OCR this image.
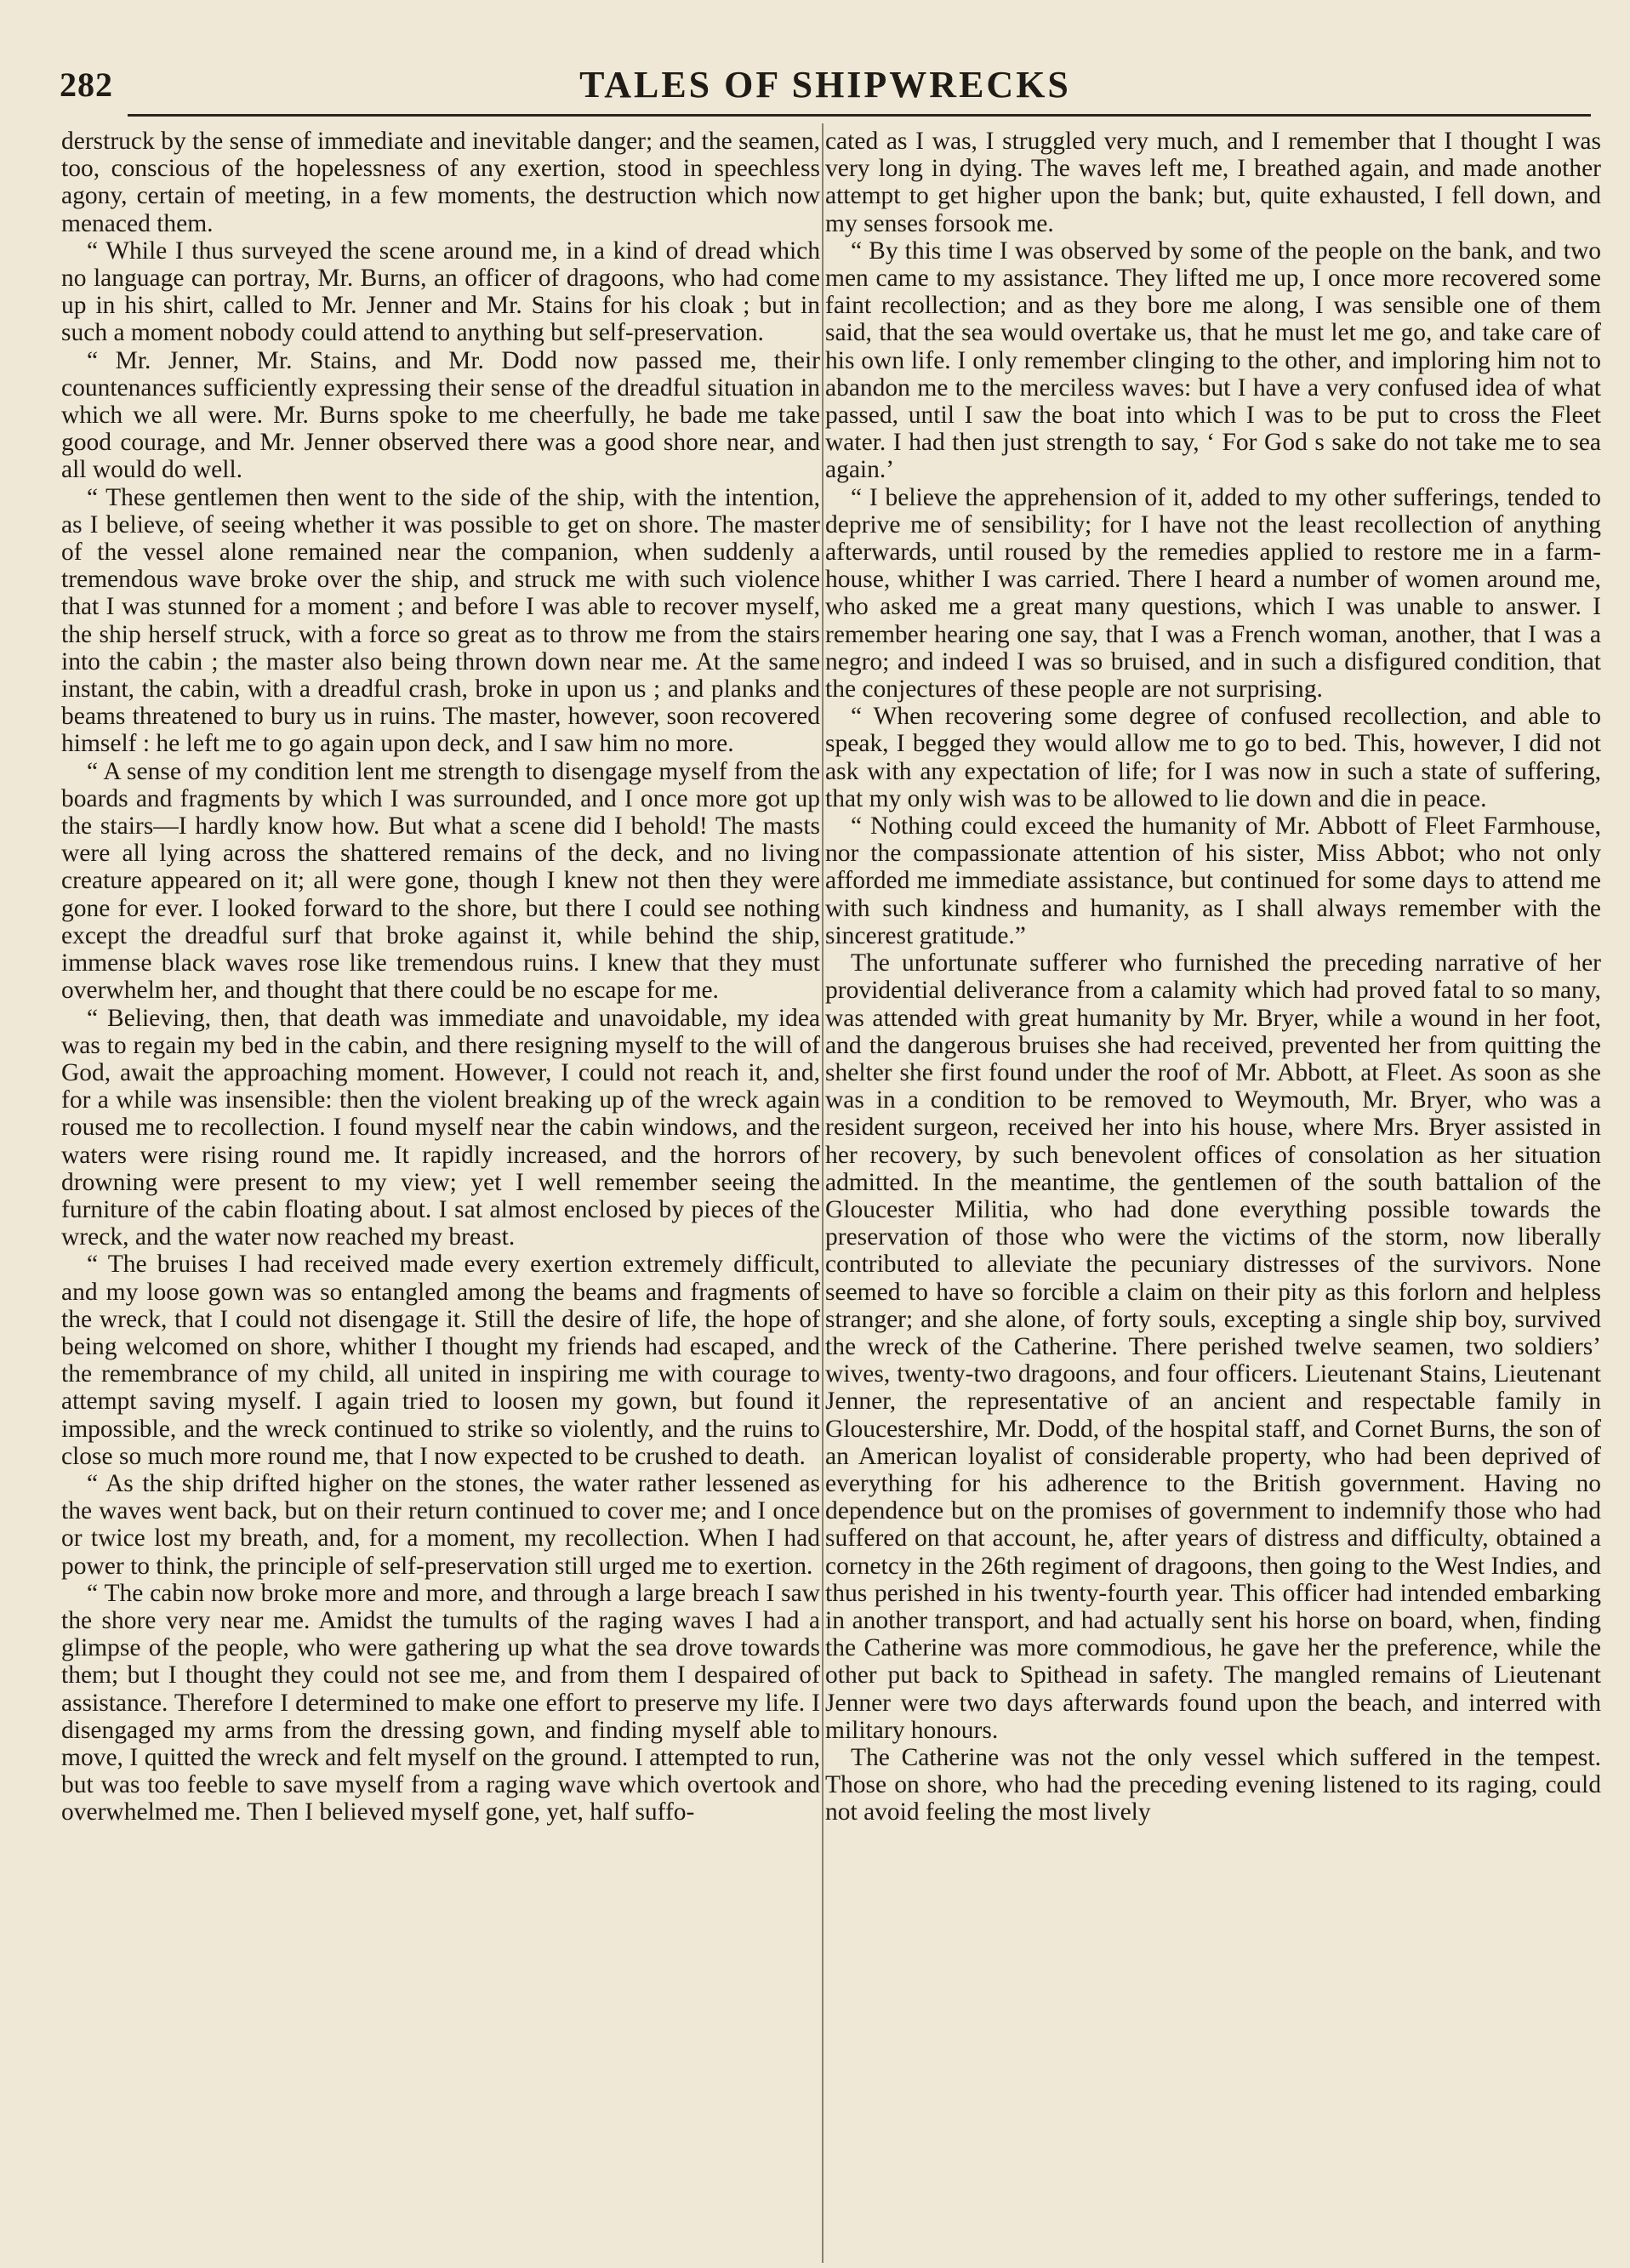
282	TALES OF SHIPWRECKS

derstruck by the sense of immediate and inevitable danger; and the seamen, too, conscious of the hopelessness of any exertion, stood in speechless agony, certain of meeting, in a few moments, the destruction which now menaced them.

“ While I thus surveyed the scene around me, in a kind of dread which no language can portray, Mr. Burns, an officer of dragoons, who had come up in his shirt, called to Mr. Jenner and Mr. Stains for his cloak ; but in such a moment nobody could attend to anything but self-preservation.

“ Mr. Jenner, Mr. Stains, and Mr. Dodd now passed me, their countenances sufficiently expressing their sense of the dreadful situation in which we all were. Mr. Burns spoke to me cheerfully, he bade me take good courage, and Mr. Jenner observed there was a good shore near, and all would do well.

“ These gentlemen then went to the side of the ship, with the intention, as I believe, of seeing whether it was possible to get on shore. The master of the vessel alone remained near the companion, when suddenly a tremendous wave broke over the ship, and struck me with such violence that I was stunned for a moment ; and before I was able to recover myself, the ship herself struck, with a force so great as to throw me from the stairs into the cabin ; the master also being thrown down near me. At the same instant, the cabin, with a dreadful crash, broke in upon us ; and planks and beams threatened to bury us in ruins. The master, however, soon recovered himself : he left me to go again upon deck, and I saw him no more.

“ A sense of my condition lent me strength to disengage myself from the boards and fragments by which I was surrounded, and I once more got up the stairs—I hardly know how. But what a scene did I behold! The masts were all lying across the shattered remains of the deck, and no living creature appeared on it; all were gone, though I knew not then they were gone for ever. I looked forward to the shore, but there I could see nothing except the dreadful surf that broke against it, while behind the ship, immense black waves rose like tremendous ruins. I knew that they must overwhelm her, and thought that there could be no escape for me.

“ Believing, then, that death was immediate and unavoidable, my idea was to regain my bed in the cabin, and there resigning myself to the will of God, await the approaching moment. However, I could not reach it, and, for a while was insensible: then the violent breaking up of the wreck again roused me to recollection. I found myself near the cabin windows, and the waters were rising round me. It rapidly increased, and the horrors of drowning were present to my view; yet I well remember seeing the furniture of the cabin floating about. I sat almost enclosed by pieces of the wreck, and the water now reached my breast.

“ The bruises I had received made every exertion extremely difficult, and my loose gown was so entangled among the beams and fragments of the wreck, that I could not disengage it. Still the desire of life, the hope of being welcomed on shore, whither I thought my friends had escaped, and the remembrance of my child, all united in inspiring me with courage to attempt saving myself. I again tried to loosen my gown, but found it impossible, and the wreck continued to strike so violently, and the ruins to close so much more round me, that I now expected to be crushed to death.

“ As the ship drifted higher on the stones, the water rather lessened as the waves went back, but on their return continued to cover me; and I once or twice lost my breath, and, for a moment, my recollection. When I had power to think, the principle of self-preservation still urged me to exertion.

“ The cabin now broke more and more, and through a large breach I saw the shore very near me. Amidst the tumults of the raging waves I had a glimpse of the people, who were gathering up what the sea drove towards them; but I thought they could not see me, and from them I despaired of assistance. Therefore I determined to make one effort to preserve my life. I disengaged my arms from the dressing gown, and finding myself able to move, I quitted the wreck and felt myself on the ground. I attempted to run, but was too feeble to save myself from a raging wave which overtook and overwhelmed me. Then I believed myself gone, yet, half suffo-

cated as I was, I struggled very much, and I remember that I thought I was very long in dying. The waves left me, I breathed again, and made another attempt to get higher upon the bank; but, quite exhausted, I fell down, and my senses forsook me.

“ By this time I was observed by some of the people on the bank, and two men came to my assistance. They lifted me up, I once more recovered some faint recollection; and as they bore me along, I was sensible one of them said, that the sea would overtake us, that he must let me go, and take care of his own life. I only remember clinging to the other, and imploring him not to abandon me to the merciless waves: but I have a very confused idea of what passed, until I saw the boat into which I was to be put to cross the Fleet water. I had then just strength to say, ‘ For God s sake do not take me to sea again.’

“ I believe the apprehension of it, added to my other sufferings, tended to deprive me of sensibility; for I have not the least recollection of anything afterwards, until roused by the remedies applied to restore me in a farm-house, whither I was carried. There I heard a number of women around me, who asked me a great many questions, which I was unable to answer. I remember hearing one say, that I was a French woman, another, that I was a negro; and indeed I was so bruised, and in such a disfigured condition, that the conjectures of these people are not surprising.

“ When recovering some degree of confused recollection, and able to speak, I begged they would allow me to go to bed. This, however, I did not ask with any expectation of life; for I was now in such a state of suffering, that my only wish was to be allowed to lie down and die in peace.

“ Nothing could exceed the humanity of Mr. Abbott of Fleet Farmhouse, nor the compassionate attention of his sister, Miss Abbot; who not only afforded me immediate assistance, but continued for some days to attend me with such kindness and humanity, as I shall always remember with the sincerest gratitude.”

The unfortunate sufferer who furnished the preceding narrative of her providential deliverance from a calamity which had proved fatal to so many, was attended with great humanity by Mr. Bryer, while a wound in her foot, and the dangerous bruises she had received, prevented her from quitting the shelter she first found under the roof of Mr. Abbott, at Fleet. As soon as she was in a condition to be removed to Weymouth, Mr. Bryer, who was a resident surgeon, received her into his house, where Mrs. Bryer assisted in her recovery, by such benevolent offices of consolation as her situation admitted. In the meantime, the gentlemen of the south battalion of the Gloucester Militia, who had done everything possible towards the preservation of those who were the victims of the storm, now liberally contributed to alleviate the pecuniary distresses of the survivors. None seemed to have so forcible a claim on their pity as this forlorn and helpless stranger; and she alone, of forty souls, excepting a single ship boy, survived the wreck of the Catherine. There perished twelve seamen, two soldiers’ wives, twenty-two dragoons, and four officers. Lieutenant Stains, Lieutenant Jenner, the representative of an ancient and respectable family in Gloucestershire, Mr. Dodd, of the hospital staff, and Cornet Burns, the son of an American loyalist of considerable property, who had been deprived of everything for his adherence to the British government. Having no dependence but on the promises of government to indemnify those who had suffered on that account, he, after years of distress and difficulty, obtained a cornetcy in the 26th regiment of dragoons, then going to the West Indies, and thus perished in his twenty-fourth year. This officer had intended embarking in another transport, and had actually sent his horse on board, when, finding the Catherine was more commodious, he gave her the preference, while the other put back to Spithead in safety. The mangled remains of Lieutenant Jenner were two days afterwards found upon the beach, and interred with military honours.

The Catherine was not the only vessel which suffered in the tempest. Those on shore, who had the preceding evening listened to its raging, could not avoid feeling the most lively
